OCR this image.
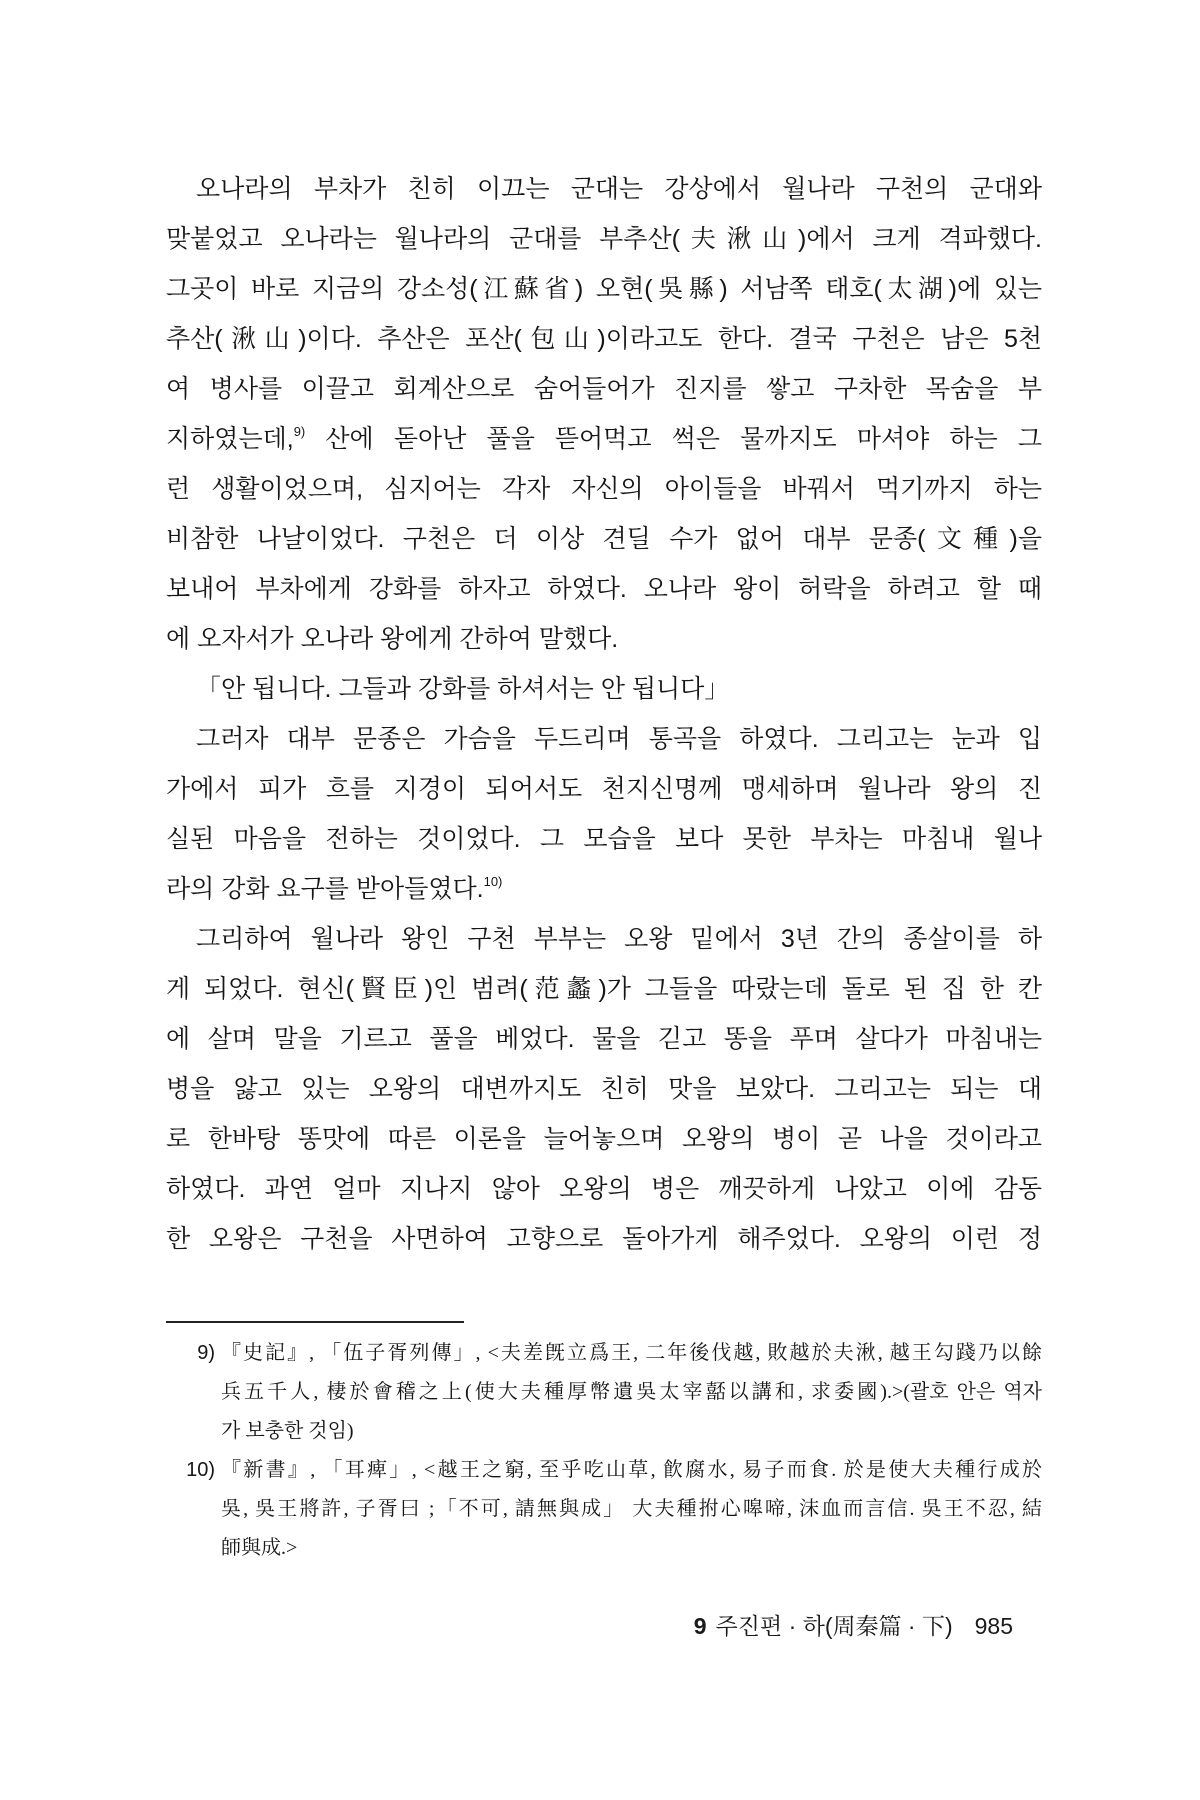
오나라의 부차가 친히 이끄는 군대는 강상에서 월나라 구천의 군대와
맞붙었고 오나라는 월나라의 군대를 부추산(夫湫山)에서 크게 격파했다.
그곳이 바로 지금의 강소성(江蘇省) 오현(吳縣) 서남쪽 태호(太湖)에 있는
추산(湫山)이다. 추산은 포산(包山)이라고도 한다. 결국 구천은 남은 5천
여 병사를 이끌고 회계산으로 숨어들어가 진지를 쌓고 구차한 목숨을 부
지하였는데,$^{9)}$ 산에 돋아난 풀을 뜯어먹고 썩은 물까지도 마셔야 하는 그
런 생활이었으며, 심지어는 각자 자신의 아이들을 바꿔서 먹기까지 하는
비참한 나날이었다. 구천은 더 이상 견딜 수가 없어 대부 문종(文種)을
보내어 부차에게 강화를 하자고 하였다. 오나라 왕이 허락을 하려고 할 때
에 오자서가 오나라 왕에게 간하여 말했다.
「안 됩니다. 그들과 강화를 하셔서는 안 됩니다」
그러자 대부 문종은 가슴을 두드리며 통곡을 하였다. 그리고는 눈과 입
가에서 피가 흐를 지경이 되어서도 천지신명께 맹세하며 월나라 왕의 진
실된 마음을 전하는 것이었다. 그 모습을 보다 못한 부차는 마침내 월나
라의 강화 요구를 받아들였다.$^{10)}$
그리하여 월나라 왕인 구천 부부는 오왕 밑에서 3년 간의 종살이를 하
게 되었다. 현신(賢臣)인 범려(范蠡)가 그들을 따랐는데 돌로 된 집 한 칸
에 살며 말을 기르고 풀을 베었다. 물을 긷고 똥을 푸며 살다가 마침내는
병을 앓고 있는 오왕의 대변까지도 친히 맛을 보았다. 그리고는 되는 대
로 한바탕 똥맛에 따른 이론을 늘어놓으며 오왕의 병이 곧 나을 것이라고
하였다. 과연 얼마 지나지 않아 오왕의 병은 깨끗하게 나았고 이에 감동
한 오왕은 구천을 사면하여 고향으로 돌아가게 해주었다. 오왕의 이런 정
9) 『史記』, 「伍子胥列傳」, <夫差旣立爲王, 二年後伐越, 敗越於夫湫, 越王勾踐乃以餘
兵五千人, 棲於會稽之上(使大夫種厚幣遺吳太宰嚭以講和, 求委國).>(괄호 안은 역자
가 보충한 것임)
10) 『新書』, 「耳痺」, <越王之窮, 至乎吃山草, 飮腐水, 易子而食. 於是使大夫種行成於
吳, 吳王將許, 子胥曰 ;「不可, 請無與成」 大夫種拊心嗥啼, 沫血而言信. 吳王不忍, 結
師與成.>
9 주진편 · 하(周秦篇 · 下) 985
